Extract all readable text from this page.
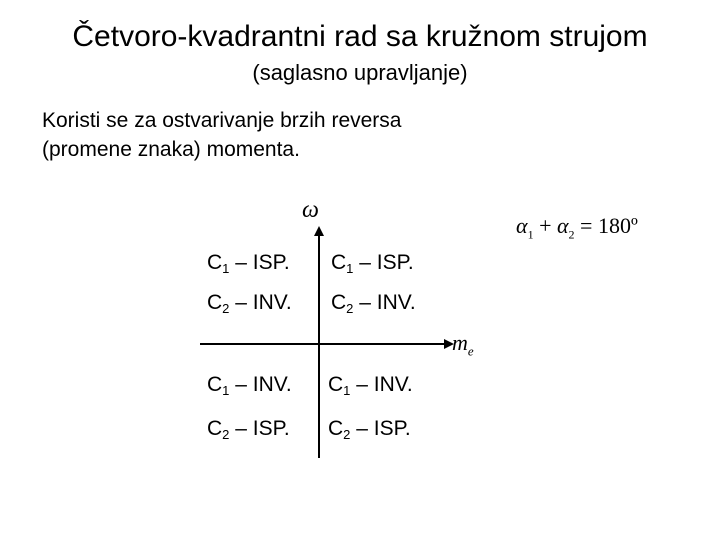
Četvoro-kvadrantni rad sa kružnom strujom
(saglasno upravljanje)
Koristi se za ostvarivanje brzih reversa
(promene znaka) momenta.
ω
$m_e$
$\alpha_1 + \alpha_2$ = 180º
$C_1$ – ISP.
$C_2$ – INV.
$C_1$ – ISP.
$C_2$ – INV.
$C_1$ – INV.
$C_2$ – ISP.
$C_1$ – INV.
$C_2$ – ISP.
